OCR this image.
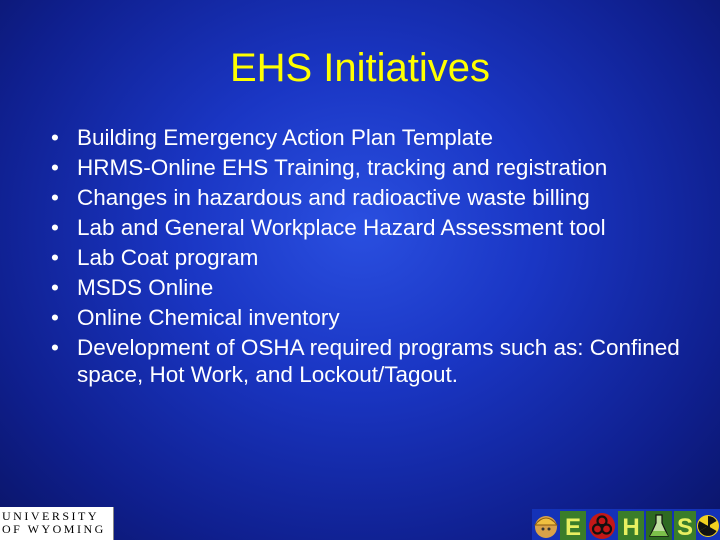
EHS Initiatives
• Building Emergency Action Plan Template
• HRMS-Online EHS Training, tracking and registration
• Changes in hazardous and radioactive waste billing
• Lab and General Workplace Hazard Assessment tool
• Lab Coat program
• MSDS Online
• Online Chemical inventory
• Development of OSHA required programs such as: Confined space, Hot Work, and Lockout/Tagout.
UNIVERSITY
OF WYOMING	E H S
